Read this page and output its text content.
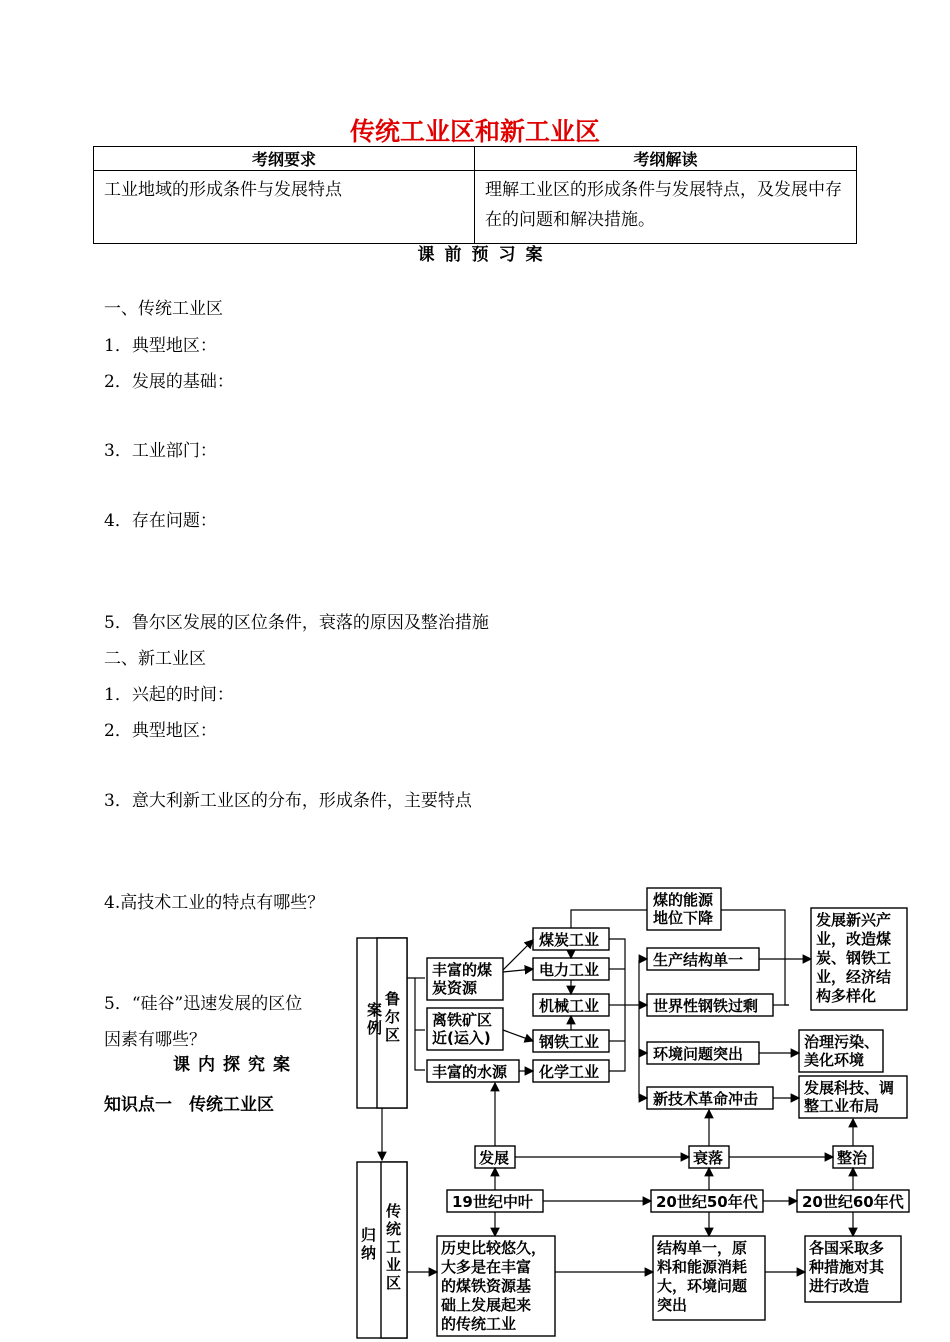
传统工业区和新工业区
考纲要求	考纲解读
工业地域的形成条件与发展特点	理解工业区的形成条件与发展特点，及发展中存在的问题和解决措施。
课前预习案
一、传统工业区
1．典型地区：
2．发展的基础：
3．工业部门：
4．存在问题：
5．鲁尔区发展的区位条件，衰落的原因及整治措施
二、新工业区
1．兴起的时间：
2．典型地区：
3．意大利新工业区的分布，形成条件，主要特点
4.高技术工业的特点有哪些？
5．“硅谷”迅速发展的区位
因素有哪些？
课内探究案
知识点一　传统工业区
案
例
鲁
尔
区
归
纳
传
统
工
业
区
丰富的煤
炭资源
离铁矿区
近(运入)
丰富的水源
煤炭工业
电力工业
机械工业
钢铁工业
化学工业
煤的能源
地位下降
生产结构单一
世界性钢铁过剩
环境问题突出
新技术革命冲击
发展新兴产
业，改造煤
炭、钢铁工
业，经济结
构多样化
治理污染、
美化环境
发展科技、调
整工业布局
发展	衰落	整治
19世纪中叶	20世纪50年代	20世纪60年代
历史比较悠久，
大多是在丰富
的煤铁资源基
础上发展起来
的传统工业
结构单一，原
料和能源消耗
大，环境问题
突出
各国采取多
种措施对其
进行改造
